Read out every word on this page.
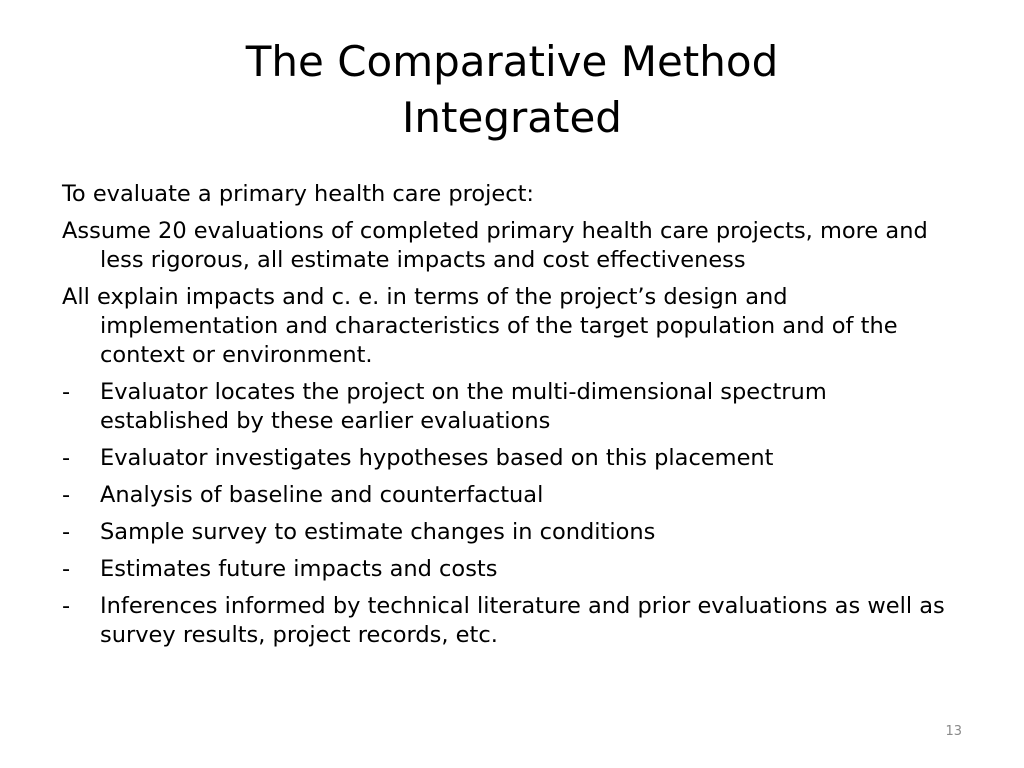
The Comparative Method
Integrated

To evaluate a primary health care project:

Assume 20 evaluations of completed primary health care projects, more and less rigorous, all estimate impacts and cost effectiveness

All explain impacts and c. e. in terms of the project’s design and implementation and characteristics of the target population and of the context or environment.

-	Evaluator locates the project on the multi-dimensional spectrum established by these earlier evaluations
-	Evaluator investigates hypotheses based on this placement
-	Analysis of baseline and counterfactual
-	Sample survey to estimate changes in conditions
-	Estimates future impacts and costs
-	Inferences informed by technical literature and prior evaluations as well as survey results, project records, etc.
13
